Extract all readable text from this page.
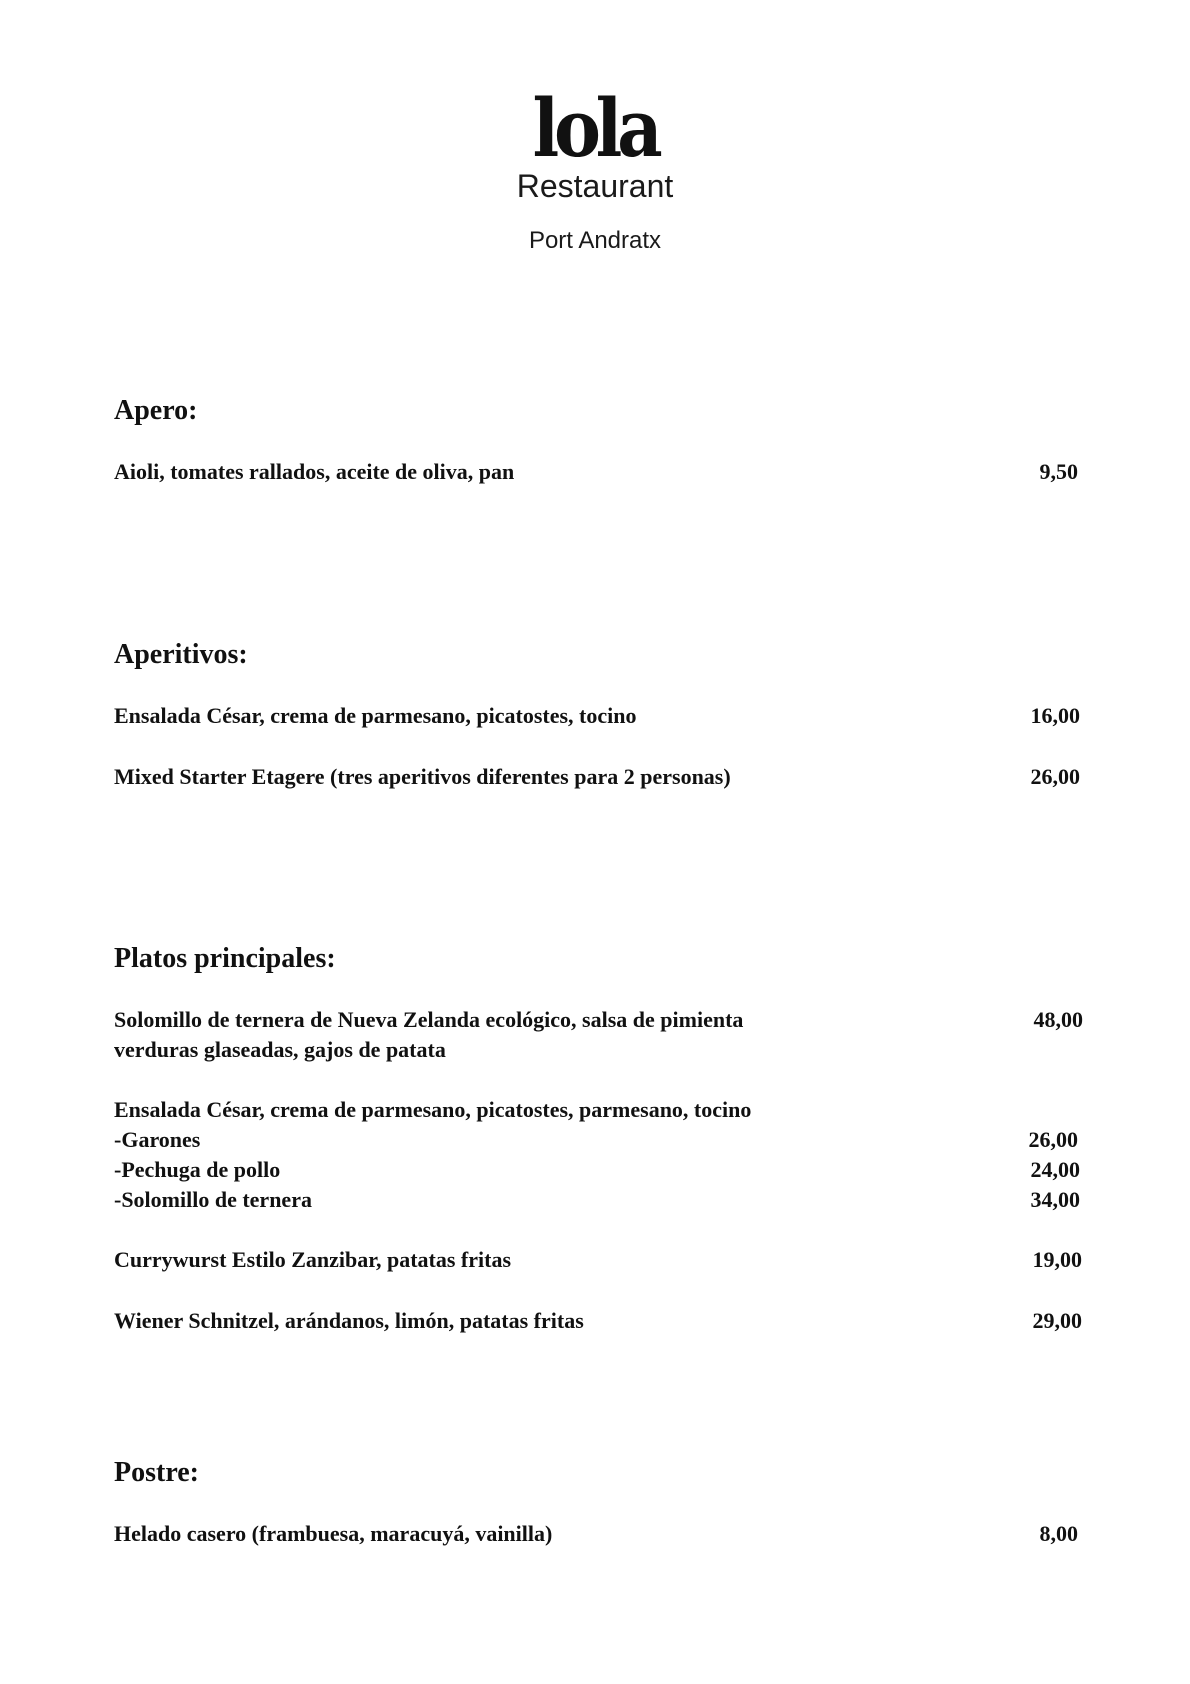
lola
Restaurant
Port Andratx
Apero:
Aioli, tomates rallados, aceite de oliva, pan	9,50
Aperitivos:
Ensalada César, crema de parmesano, picatostes, tocino	16,00
Mixed Starter Etagere (tres aperitivos diferentes para 2 personas)	26,00
Platos principales:
Solomillo de ternera de Nueva Zelanda ecológico, salsa de pimienta	48,00
verduras glaseadas, gajos de patata
Ensalada César, crema de parmesano, picatostes, parmesano, tocino
-Garones	26,00
-Pechuga de pollo	24,00
-Solomillo de ternera	34,00
Currywurst Estilo Zanzibar, patatas fritas	19,00
Wiener Schnitzel, arándanos, limón, patatas fritas	29,00
Postre:
Helado casero (frambuesa, maracuyá, vainilla)	8,00
